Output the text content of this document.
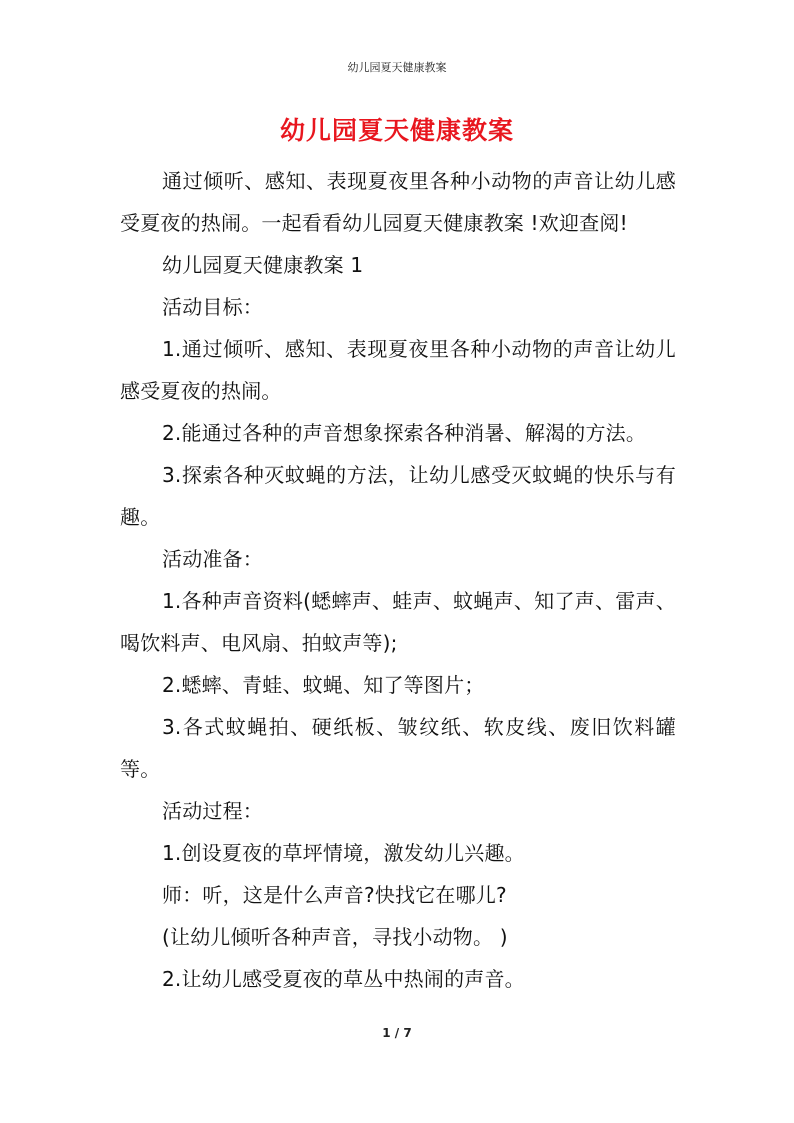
幼儿园夏天健康教案
幼儿园夏天健康教案

通过倾听、感知、表现夏夜里各种小动物的声音让幼儿感受夏夜的热闹。一起看看幼儿园夏天健康教案 !欢迎查阅!

幼儿园夏天健康教案 1

活动目标：

1.通过倾听、感知、表现夏夜里各种小动物的声音让幼儿感受夏夜的热闹。

2.能通过各种的声音想象探索各种消暑、解渴的方法。

3.探索各种灭蚊蝇的方法，让幼儿感受灭蚊蝇的快乐与有趣。

活动准备：

1.各种声音资料(蟋蟀声、蛙声、蚊蝇声、知了声、雷声、喝饮料声、电风扇、拍蚊声等);

2.蟋蟀、青蛙、蚊蝇、知了等图片；

3.各式蚊蝇拍、硬纸板、皱纹纸、软皮线、废旧饮料罐等。

活动过程：

1.创设夏夜的草坪情境，激发幼儿兴趣。

师：听，这是什么声音?快找它在哪儿?

(让幼儿倾听各种声音，寻找小动物。 )

2.让幼儿感受夏夜的草丛中热闹的声音。

1 / 7
